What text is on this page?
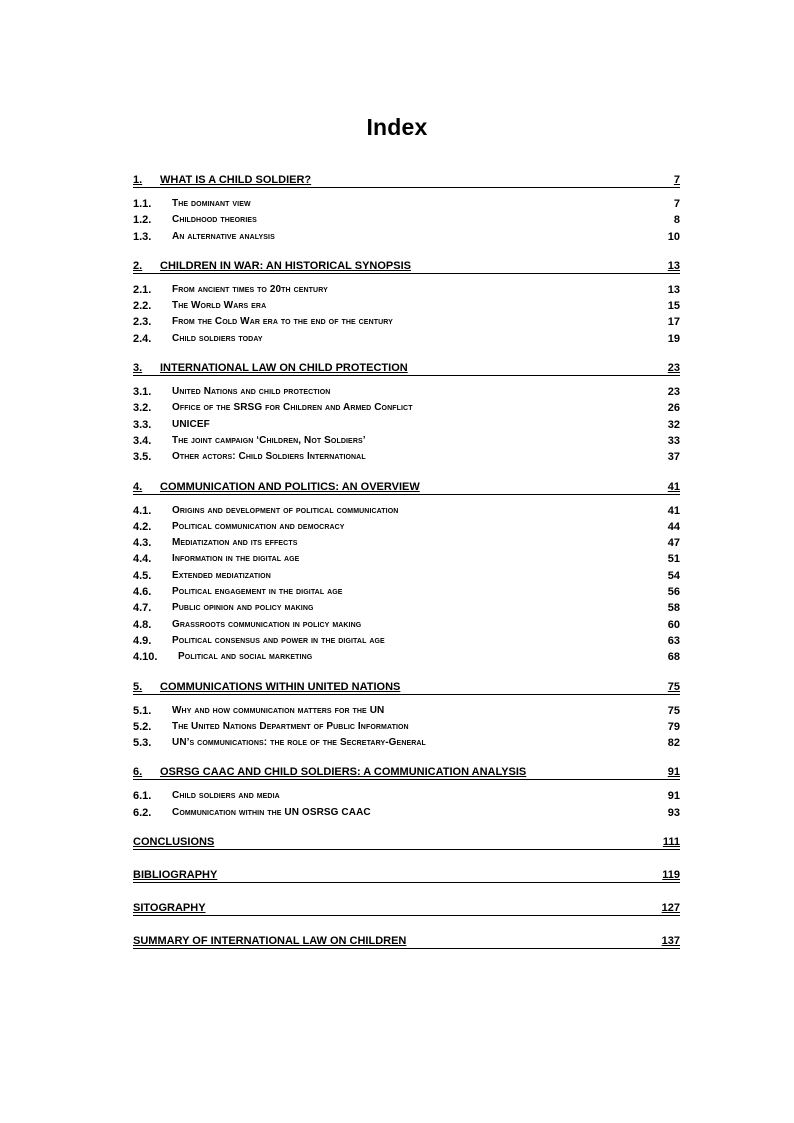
Index
1.	WHAT IS A CHILD SOLDIER?	7
1.1.	The dominant view	7
1.2.	Childhood theories	8
1.3.	An alternative analysis	10
2.	CHILDREN IN WAR: AN HISTORICAL SYNOPSIS	13
2.1.	From ancient times to 20th century	13
2.2.	The World Wars era	15
2.3.	From the Cold War era to the end of the century	17
2.4.	Child soldiers today	19
3.	INTERNATIONAL LAW ON CHILD PROTECTION	23
3.1.	United Nations and child protection	23
3.2.	Office of the SRSG for Children and Armed Conflict	26
3.3.	UNICEF	32
3.4.	The joint campaign ‘Children, Not Soldiers’	33
3.5.	Other actors: Child Soldiers International	37
4.	COMMUNICATION AND POLITICS: AN OVERVIEW	41
4.1.	Origins and development of political communication	41
4.2.	Political communication and democracy	44
4.3.	Mediatization and its effects	47
4.4.	Information in the digital age	51
4.5.	Extended mediatization	54
4.6.	Political engagement in the digital age	56
4.7.	Public opinion and policy making	58
4.8.	Grassroots communication in policy making	60
4.9.	Political consensus and power in the digital age	63
4.10.	Political and social marketing	68
5.	COMMUNICATIONS WITHIN UNITED NATIONS	75
5.1.	Why and how communication matters for the UN	75
5.2.	The United Nations Department of Public Information	79
5.3.	UN’s communications: the role of the Secretary-General	82
6.	OSRSG CAAC AND CHILD SOLDIERS: A COMMUNICATION ANALYSIS	91
6.1.	Child soldiers and media	91
6.2.	Communication within the UN OSRSG CAAC	93
CONCLUSIONS	111
BIBLIOGRAPHY	119
SITOGRAPHY	127
SUMMARY OF INTERNATIONAL LAW ON CHILDREN	137
